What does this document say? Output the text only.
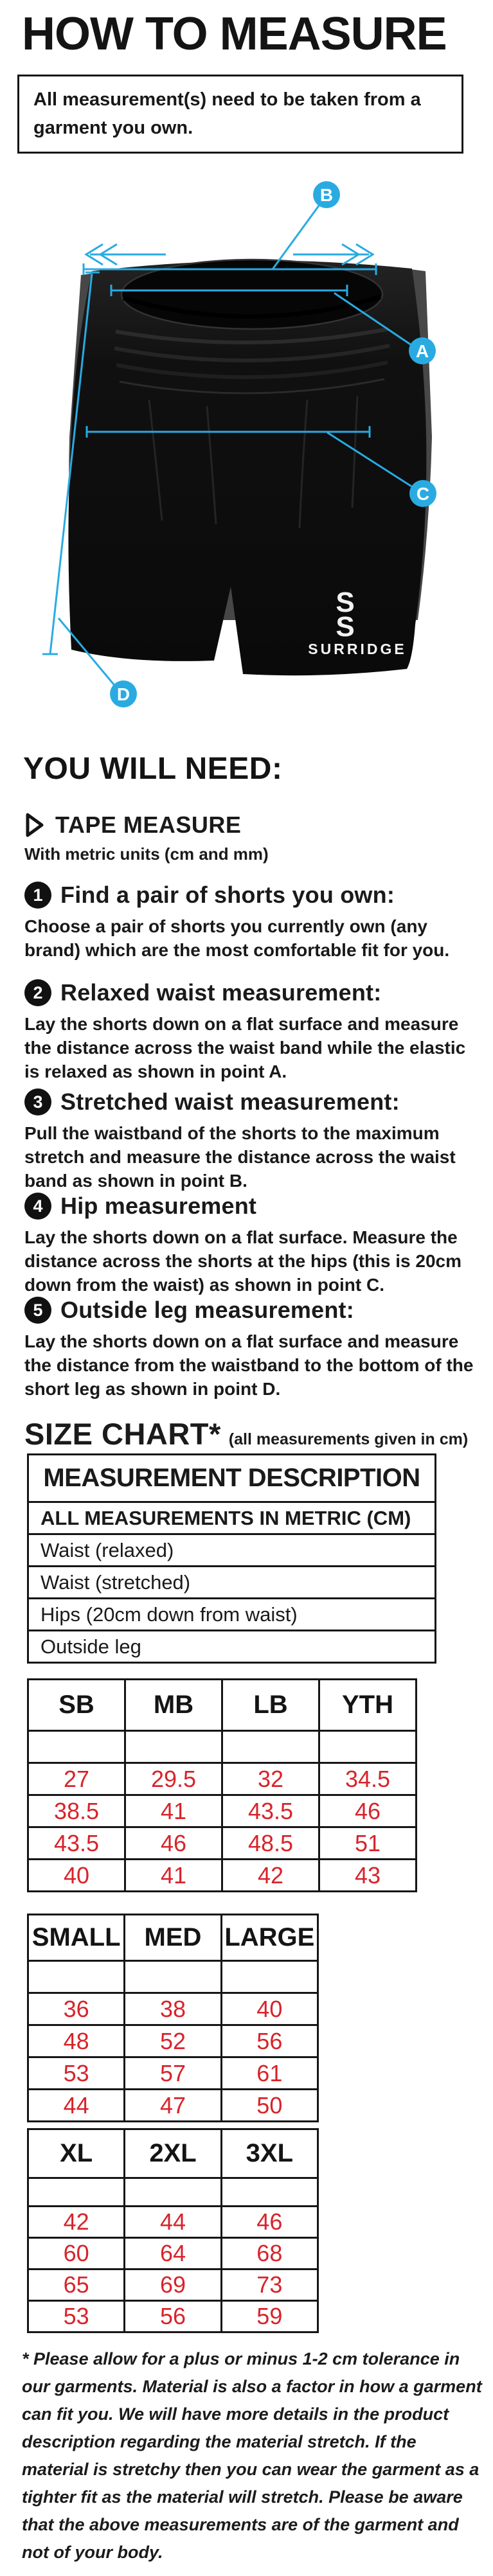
HOW TO MEASURE

All measurement(s) need to be taken from a garment you own.

S
S
SURRIDGE
B
A
C
D
YOU WILL NEED:
TAPE MEASURE
With metric units (cm and mm)
1 Find a pair of shorts you own:

Choose a pair of shorts you currently own (any brand) which are the most comfortable fit for you.

2 Relaxed waist measurement:

Lay the shorts down on a flat surface and measure the distance across the waist band while the elastic is relaxed as shown in point A.

3 Stretched waist measurement:

Pull the waistband of the shorts to the maximum stretch and measure the distance across the waist band as shown in point B.

4 Hip measurement

Lay the shorts down on a flat surface. Measure the distance across the shorts at the hips (this is 20cm down from the waist) as shown in point C.

5 Outside leg measurement:

Lay the shorts down on a flat surface and measure the distance from the waistband to the bottom of the short leg as shown in point D.

SIZE CHART* (all measurements given in cm)
MEASUREMENT DESCRIPTION
ALL MEASUREMENTS IN METRIC (CM)
Waist (relaxed)
Waist (stretched)
Hips (20cm down from waist)
Outside leg
SB	MB	LB	YTH

27	29.5	32	34.5
38.5	41	43.5	46
43.5	46	48.5	51
40	41	42	43
SMALL	MED	LARGE

36	38	40
48	52	56
53	57	61
44	47	50
XL	2XL	3XL

42	44	46
60	64	68
65	69	73
53	56	59

* Please allow for a plus or minus 1-2 cm tolerance in our garments. Material is also a factor in how a garment can fit you. We will have more details in the product description regarding the material stretch. If the material is stretchy then you can wear the garment as a tighter fit as the material will stretch. Please be aware that the above measurements are of the garment and not of your body.
